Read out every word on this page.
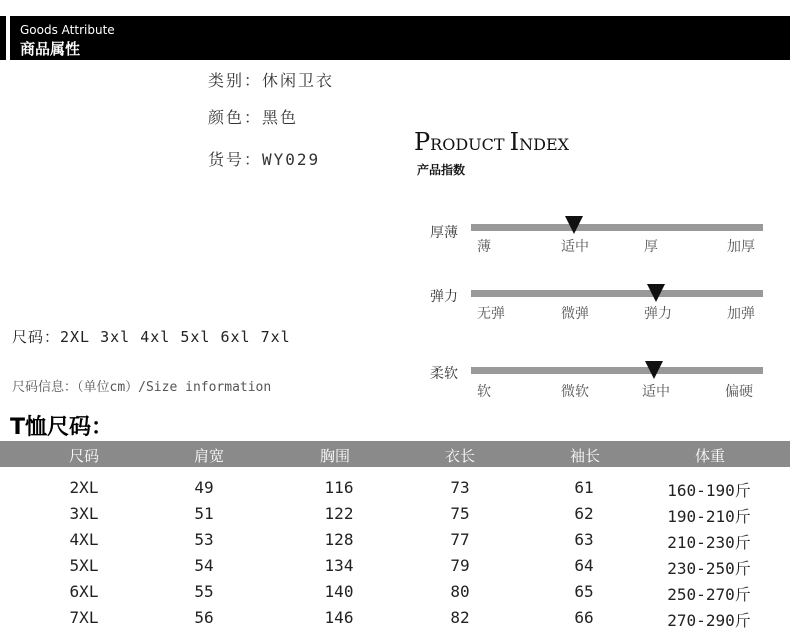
Goods Attribute
商品属性
类别：休闲卫衣
颜色：黑色
货号：WY029
PRODUCT INDEX
产品指数
厚薄
薄	适中	厚	加厚
弹力
无弹	微弹	弹力	加弹
柔软
软	微软	适中	偏硬
尺码：2XL 3xl 4xl 5xl 6xl 7xl
尺码信息：（单位cm）/Size information
T恤尺码：
尺码	肩宽	胸围	衣长	袖长	体重
2XL	49	116	73	61	160-190斤
3XL	51	122	75	62	190-210斤
4XL	53	128	77	63	210-230斤
5XL	54	134	79	64	230-250斤
6XL	55	140	80	65	250-270斤
7XL	56	146	82	66	270-290斤
